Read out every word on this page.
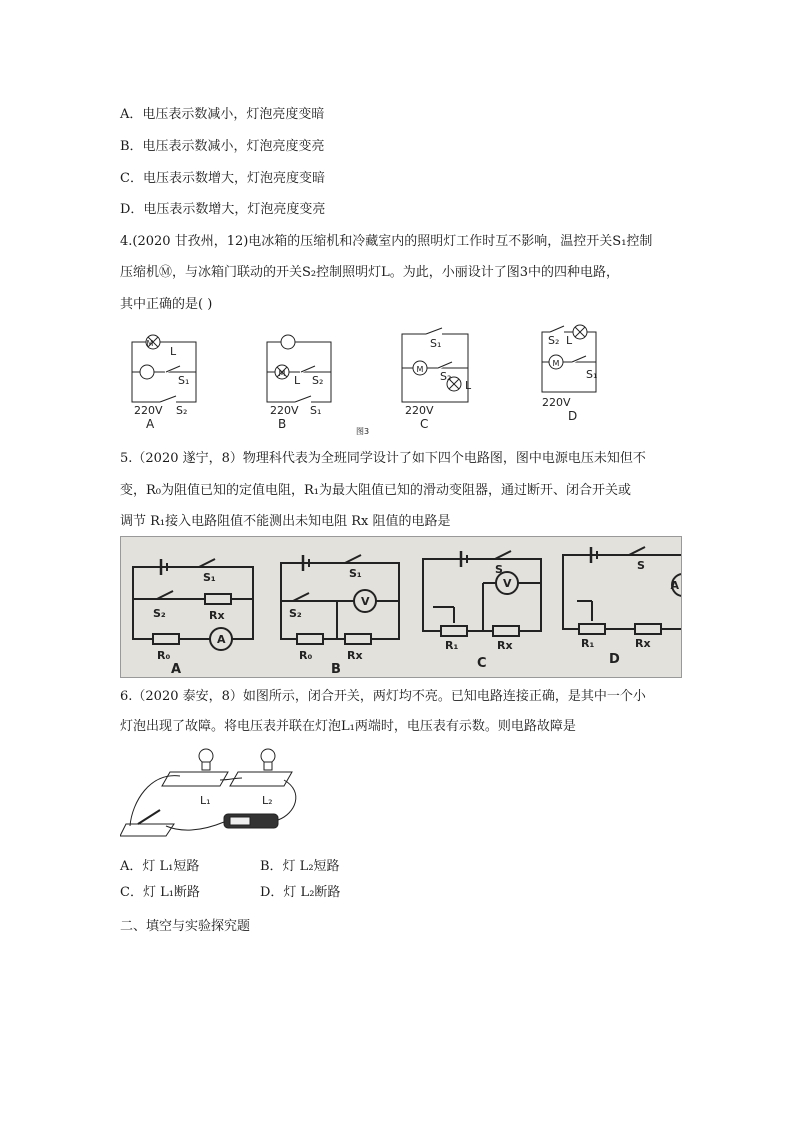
A．电压表示数减小，灯泡亮度变暗
B．电压表示数减小，灯泡亮度变亮
C．电压表示数增大，灯泡亮度变暗
D．电压表示数增大，灯泡亮度变亮
4.(2020 甘孜州，12)电冰箱的压缩机和冷藏室内的照明灯工作时互不影响，温控开关S₁控制
压缩机Ⓜ，与冰箱门联动的开关S₂控制照明灯L。为此，小丽设计了图3中的四种电路，
其中正确的是( )
M
L
S₁
S₂
220V
A
M
L S₂
S₁
220V
B
M
S₁
S₂
L
220V
C
M
S₂ L
S₁
220V
D
图3
5.（2020 遂宁，8）物理科代表为全班同学设计了如下四个电路图，图中电源电压未知但不
变，R₀为阻值已知的定值电阻，R₁为最大阻值已知的滑动变阻器，通过断开、闭合开关或
调节 R₁接入电路阻值不能测出未知电阻 Rx 阻值的电路是
S₁
S₂	Rx
R₀
A
A
S₁
S₂
V
R₀	Rx
B
S
V
R₁	Rx
C
S
A
R₁	Rx
D
6.（2020 泰安，8）如图所示，闭合开关，两灯均不亮。已知电路连接正确，是其中一个小
灯泡出现了故障。将电压表并联在灯泡L₁两端时，电压表有示数。则电路故障是
L₁	L₂
A．灯 L₁短路	B．灯 L₂短路
C．灯 L₁断路	D．灯 L₂断路
二、填空与实验探究题
